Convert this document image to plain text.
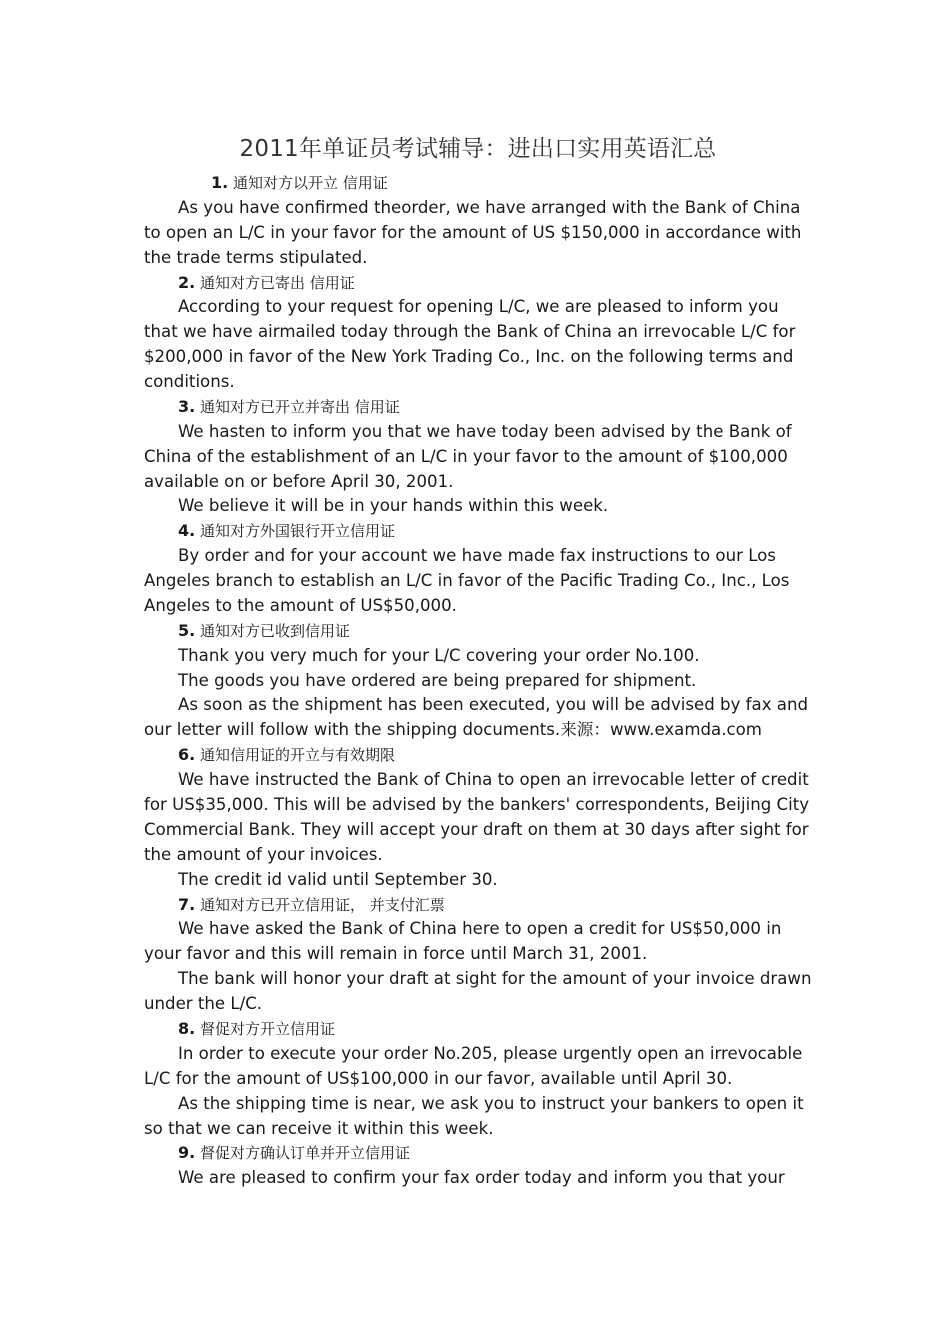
2011年单证员考试辅导：进出口实用英语汇总
1. 通知对方以开立 信用证

As you have confirmed theorder, we have arranged with the Bank of China to open an L/C in your favor for the amount of US $150,000 in accordance with the trade terms stipulated.

2. 通知对方已寄出 信用证

According to your request for opening L/C, we are pleased to inform you that we have airmailed today through the Bank of China an irrevocable L/C for $200,000 in favor of the New York Trading Co., Inc. on the following terms and conditions.

3. 通知对方已开立并寄出 信用证

We hasten to inform you that we have today been advised by the Bank of China of the establishment of an L/C in your favor to the amount of $100,000 available on or before April 30, 2001.

We believe it will be in your hands within this week.

4. 通知对方外国银行开立信用证

By order and for your account we have made fax instructions to our Los Angeles branch to establish an L/C in favor of the Pacific Trading Co., Inc., Los Angeles to the amount of US$50,000.

5. 通知对方已收到信用证

Thank you very much for your L/C covering your order No.100.

The goods you have ordered are being prepared for shipment.

As soon as the shipment has been executed, you will be advised by fax and our letter will follow with the shipping documents.来源：www.examda.com

6. 通知信用证的开立与有效期限

We have instructed the Bank of China to open an irrevocable letter of credit for US$35,000. This will be advised by the bankers' correspondents, Beijing City Commercial Bank. They will accept your draft on them at 30 days after sight for the amount of your invoices.

The credit id valid until September 30.

7. 通知对方已开立信用证， 并支付汇票

We have asked the Bank of China here to open a credit for US$50,000 in your favor and this will remain in force until March 31, 2001.

The bank will honor your draft at sight for the amount of your invoice drawn under the L/C.

8. 督促对方开立信用证

In order to execute your order No.205, please urgently open an irrevocable L/C for the amount of US$100,000 in our favor, available until April 30.

As the shipping time is near, we ask you to instruct your bankers to open it so that we can receive it within this week.

9. 督促对方确认订单并开立信用证

We are pleased to confirm your fax order today and inform you that your
